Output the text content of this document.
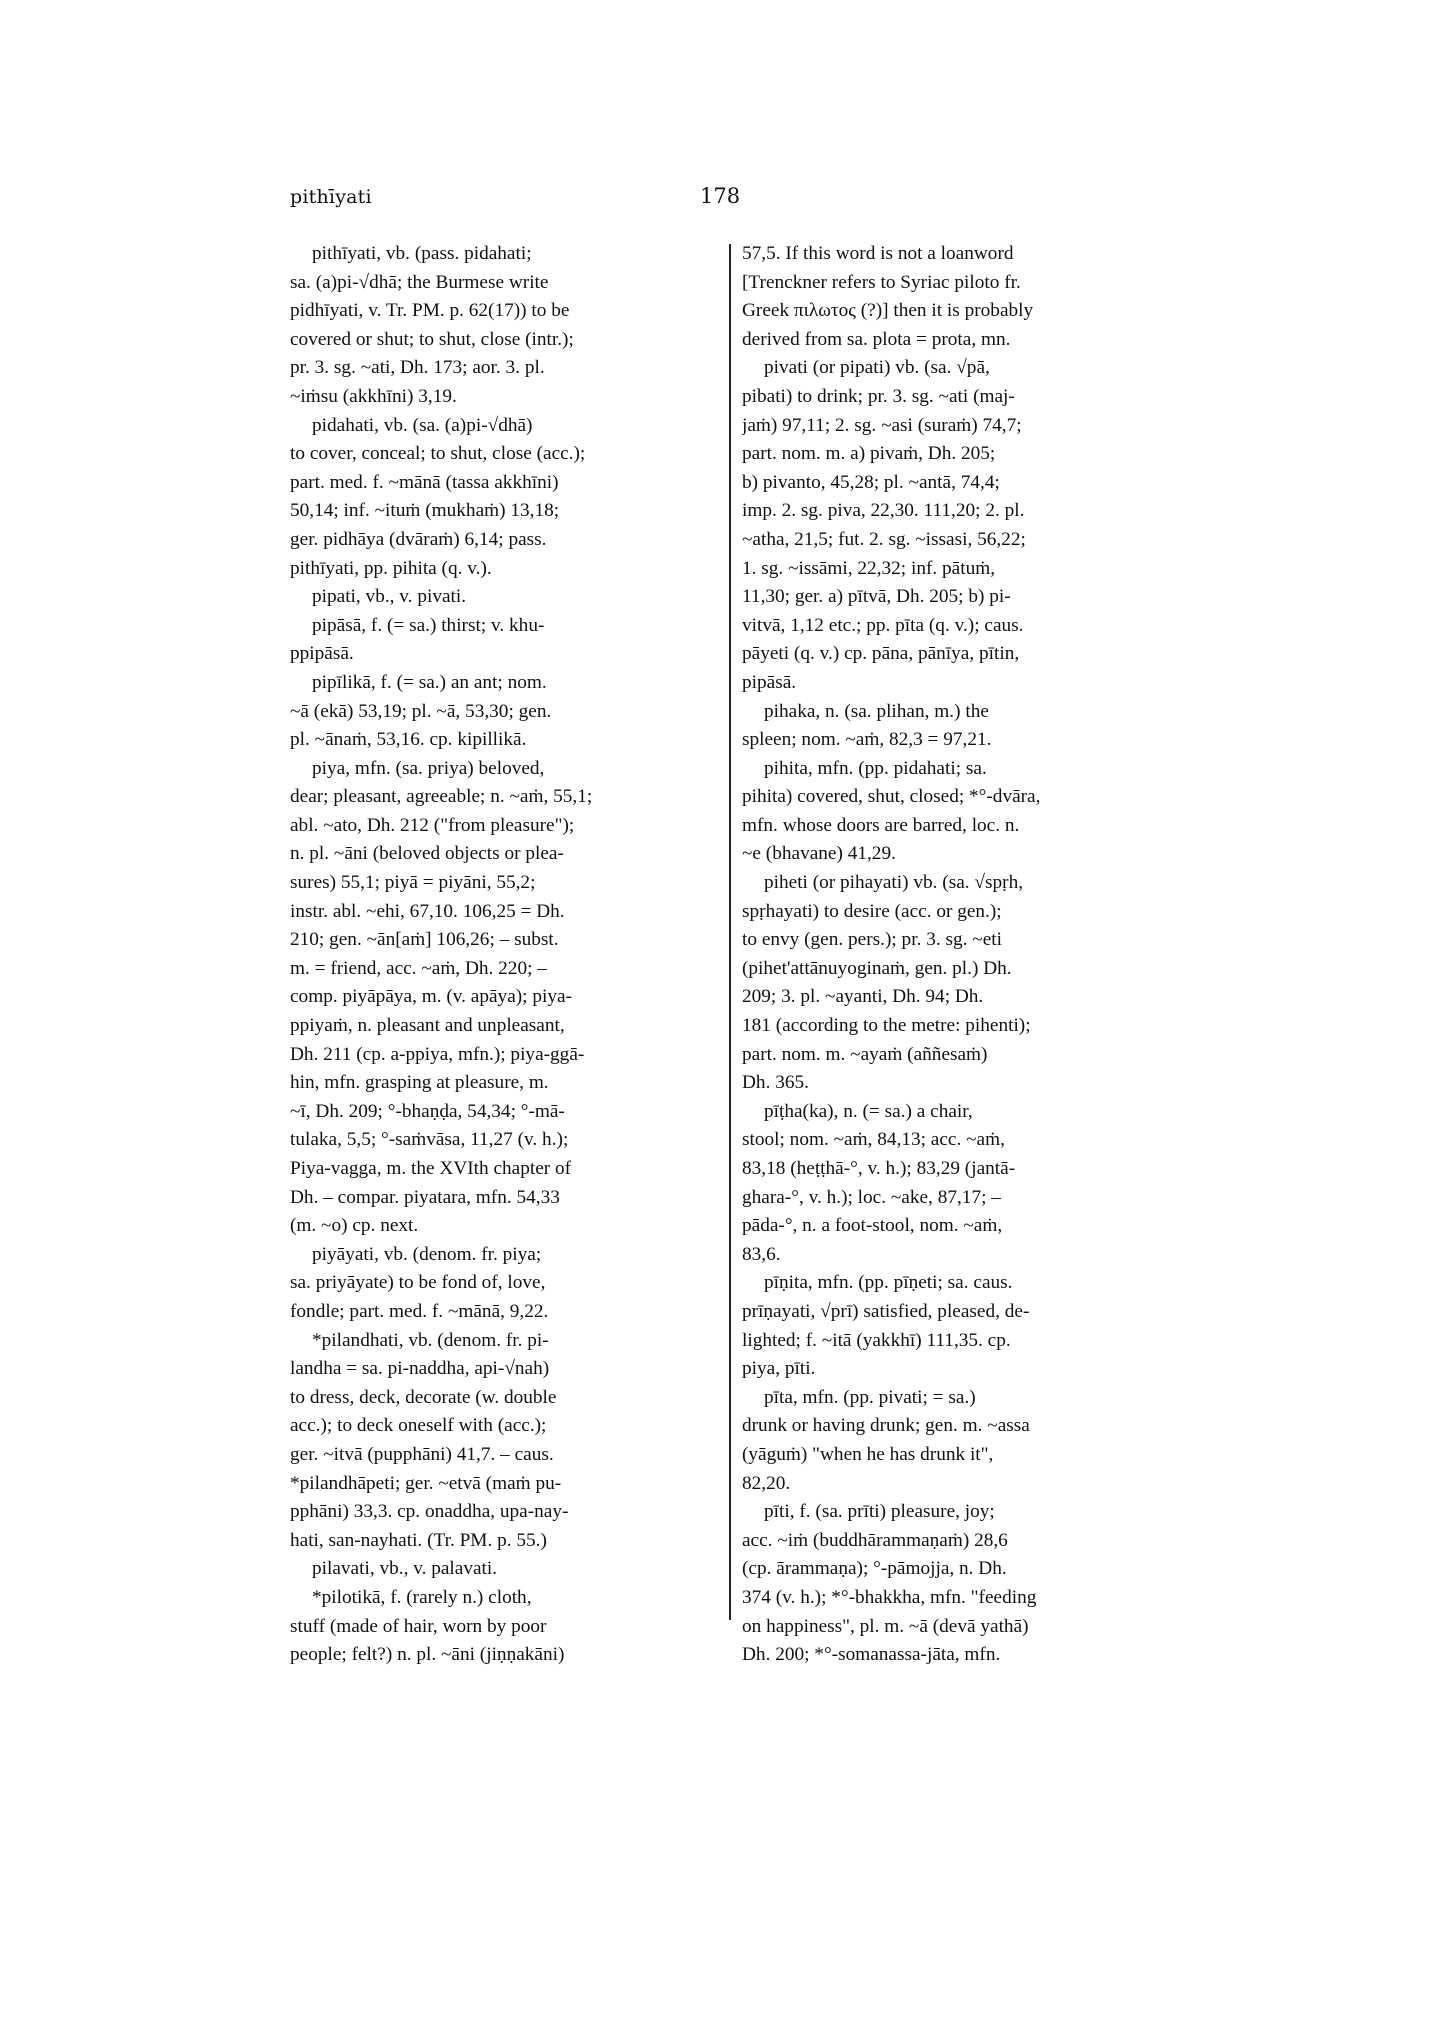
pithīyati	178
pithīyati, vb. (pass. pidahati;
sa. (a)pi-√dhā; the Burmese write
pidhīyati, v. Tr. PM. p. 62(17)) to be
covered or shut; to shut, close (intr.);
pr. 3. sg. ~ati, Dh. 173; aor. 3. pl.
~iṁsu (akkhīni) 3,19.
pidahati, vb. (sa. (a)pi-√dhā)
to cover, conceal; to shut, close (acc.);
part. med. f. ~mānā (tassa akkhīni)
50,14; inf. ~ituṁ (mukhaṁ) 13,18;
ger. pidhāya (dvāraṁ) 6,14; pass.
pithīyati, pp. pihita (q. v.).
pipati, vb., v. pivati.
pipāsā, f. (= sa.) thirst; v. khu-
ppipāsā.
pipīlikā, f. (= sa.) an ant; nom.
~ā (ekā) 53,19; pl. ~ā, 53,30; gen.
pl. ~ānaṁ, 53,16. cp. kipillikā.
piya, mfn. (sa. priya) beloved,
dear; pleasant, agreeable; n. ~aṁ, 55,1;
abl. ~ato, Dh. 212 ("from pleasure");
n. pl. ~āni (beloved objects or plea-
sures) 55,1; piyā = piyāni, 55,2;
instr. abl. ~ehi, 67,10. 106,25 = Dh.
210; gen. ~ān[aṁ] 106,26; – subst.
m. = friend, acc. ~aṁ, Dh. 220; –
comp. piyāpāya, m. (v. apāya); piya-
ppiyaṁ, n. pleasant and unpleasant,
Dh. 211 (cp. a-ppiya, mfn.); piya-ggā-
hin, mfn. grasping at pleasure, m.
~ī, Dh. 209; °-bhaṇḍa, 54,34; °-mā-
tulaka, 5,5; °-saṁvāsa, 11,27 (v. h.);
Piya-vagga, m. the XVIth chapter of
Dh. – compar. piyatara, mfn. 54,33
(m. ~o) cp. next.
piyāyati, vb. (denom. fr. piya;
sa. priyāyate) to be fond of, love,
fondle; part. med. f. ~mānā, 9,22.
*pilandhati, vb. (denom. fr. pi-
landha = sa. pi-naddha, api-√nah)
to dress, deck, decorate (w. double
acc.); to deck oneself with (acc.);
ger. ~itvā (pupphāni) 41,7. – caus.
*pilandhāpeti; ger. ~etvā (maṁ pu-
pphāni) 33,3. cp. onaddha, upa-nay-
hati, san-nayhati. (Tr. PM. p. 55.)
pilavati, vb., v. palavati.
*pilotikā, f. (rarely n.) cloth,
stuff (made of hair, worn by poor
people; felt?) n. pl. ~āni (jiṇṇakāni)
57,5. If this word is not a loanword
[Trenckner refers to Syriac piloto fr.
Greek πιλωτος (?)] then it is probably
derived from sa. plota = prota, mn.
pivati (or pipati) vb. (sa. √pā,
pibati) to drink; pr. 3. sg. ~ati (maj-
jaṁ) 97,11; 2. sg. ~asi (suraṁ) 74,7;
part. nom. m. a) pivaṁ, Dh. 205;
b) pivanto, 45,28; pl. ~antā, 74,4;
imp. 2. sg. piva, 22,30. 111,20; 2. pl.
~atha, 21,5; fut. 2. sg. ~issasi, 56,22;
1. sg. ~issāmi, 22,32; inf. pātuṁ,
11,30; ger. a) pītvā, Dh. 205; b) pi-
vitvā, 1,12 etc.; pp. pīta (q. v.); caus.
pāyeti (q. v.) cp. pāna, pānīya, pītin,
pipāsā.
pihaka, n. (sa. plihan, m.) the
spleen; nom. ~aṁ, 82,3 = 97,21.
pihita, mfn. (pp. pidahati; sa.
pihita) covered, shut, closed; *°-dvāra,
mfn. whose doors are barred, loc. n.
~e (bhavane) 41,29.
piheti (or pihayati) vb. (sa. √spṛh,
spṛhayati) to desire (acc. or gen.);
to envy (gen. pers.); pr. 3. sg. ~eti
(pihet'attānuyoginaṁ, gen. pl.) Dh.
209; 3. pl. ~ayanti, Dh. 94; Dh.
181 (according to the metre: pihenti);
part. nom. m. ~ayaṁ (aññesaṁ)
Dh. 365.
pīṭha(ka), n. (= sa.) a chair,
stool; nom. ~aṁ, 84,13; acc. ~aṁ,
83,18 (heṭṭhā-°, v. h.); 83,29 (jantā-
ghara-°, v. h.); loc. ~ake, 87,17; –
pāda-°, n. a foot-stool, nom. ~aṁ,
83,6.
pīṇita, mfn. (pp. pīṇeti; sa. caus.
prīṇayati, √prī) satisfied, pleased, de-
lighted; f. ~itā (yakkhī) 111,35. cp.
piya, pīti.
pīta, mfn. (pp. pivati; = sa.)
drunk or having drunk; gen. m. ~assa
(yāguṁ) "when he has drunk it",
82,20.
pīti, f. (sa. prīti) pleasure, joy;
acc. ~iṁ (buddhārammaṇaṁ) 28,6
(cp. ārammaṇa); °-pāmojja, n. Dh.
374 (v. h.); *°-bhakkha, mfn. "feeding
on happiness", pl. m. ~ā (devā yathā)
Dh. 200; *°-somanassa-jāta, mfn.
